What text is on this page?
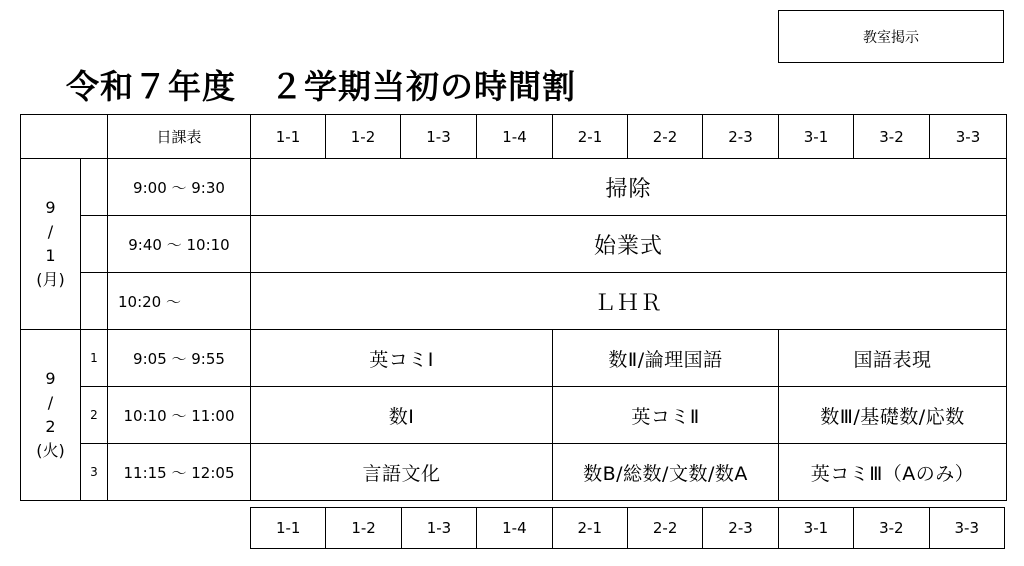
教室掲示
令和７年度　２学期当初の時間割
		日課表	1-1	1-2	1-3	1-4	2-1	2-2	2-3	3-1	3-2	3-3

9
/
1
(月)		9:00 ～ 9:30	掃除									
		9:40 ～ 10:10	始業式									
		10:20 ～	ＬＨＲ									

9
/
2
(火)	1	9:05 ～ 9:55	英コミⅠ				数Ⅱ/論理国語			国語表現		
	2	10:10 ～ 11:00	数Ⅰ				英コミⅡ			数Ⅲ/基礎数/応数		
	3	11:15 ～ 12:05	言語文化				数B/総数/文数/数A			英コミⅢ（Aのみ）		
1-1	1-2	1-3	1-4	2-1	2-2	2-3	3-1	3-2	3-3
